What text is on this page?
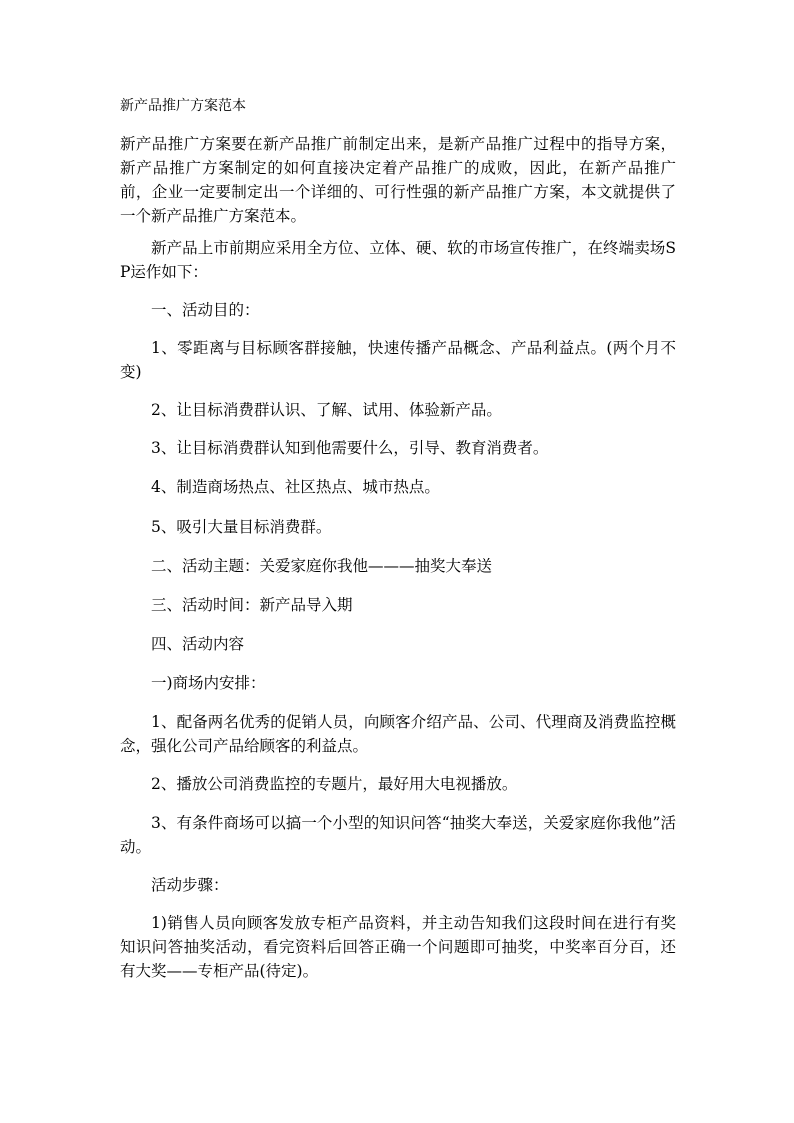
新产品推广方案范本

新产品推广方案要在新产品推广前制定出来，是新产品推广过程中的指导方案，新产品推广方案制定的如何直接决定着产品推广的成败，因此，在新产品推广前，企业一定要制定出一个详细的、可行性强的新产品推广方案，本文就提供了一个新产品推广方案范本。

新产品上市前期应采用全方位、立体、硬、软的市场宣传推广，在终端卖场SP运作如下：

一、活动目的：

1、零距离与目标顾客群接触，快速传播产品概念、产品利益点。(两个月不变)

2、让目标消费群认识、了解、试用、体验新产品。

3、让目标消费群认知到他需要什么，引导、教育消费者。

4、制造商场热点、社区热点、城市热点。

5、吸引大量目标消费群。

二、活动主题：关爱家庭你我他———抽奖大奉送

三、活动时间：新产品导入期

四、活动内容

一)商场内安排：

1、配备两名优秀的促销人员，向顾客介绍产品、公司、代理商及消费监控概念，强化公司产品给顾客的利益点。

2、播放公司消费监控的专题片，最好用大电视播放。

3、有条件商场可以搞一个小型的知识问答“抽奖大奉送，关爱家庭你我他”活动。

活动步骤：

1)销售人员向顾客发放专柜产品资料，并主动告知我们这段时间在进行有奖知识问答抽奖活动，看完资料后回答正确一个问题即可抽奖，中奖率百分百，还有大奖——专柜产品(待定)。
